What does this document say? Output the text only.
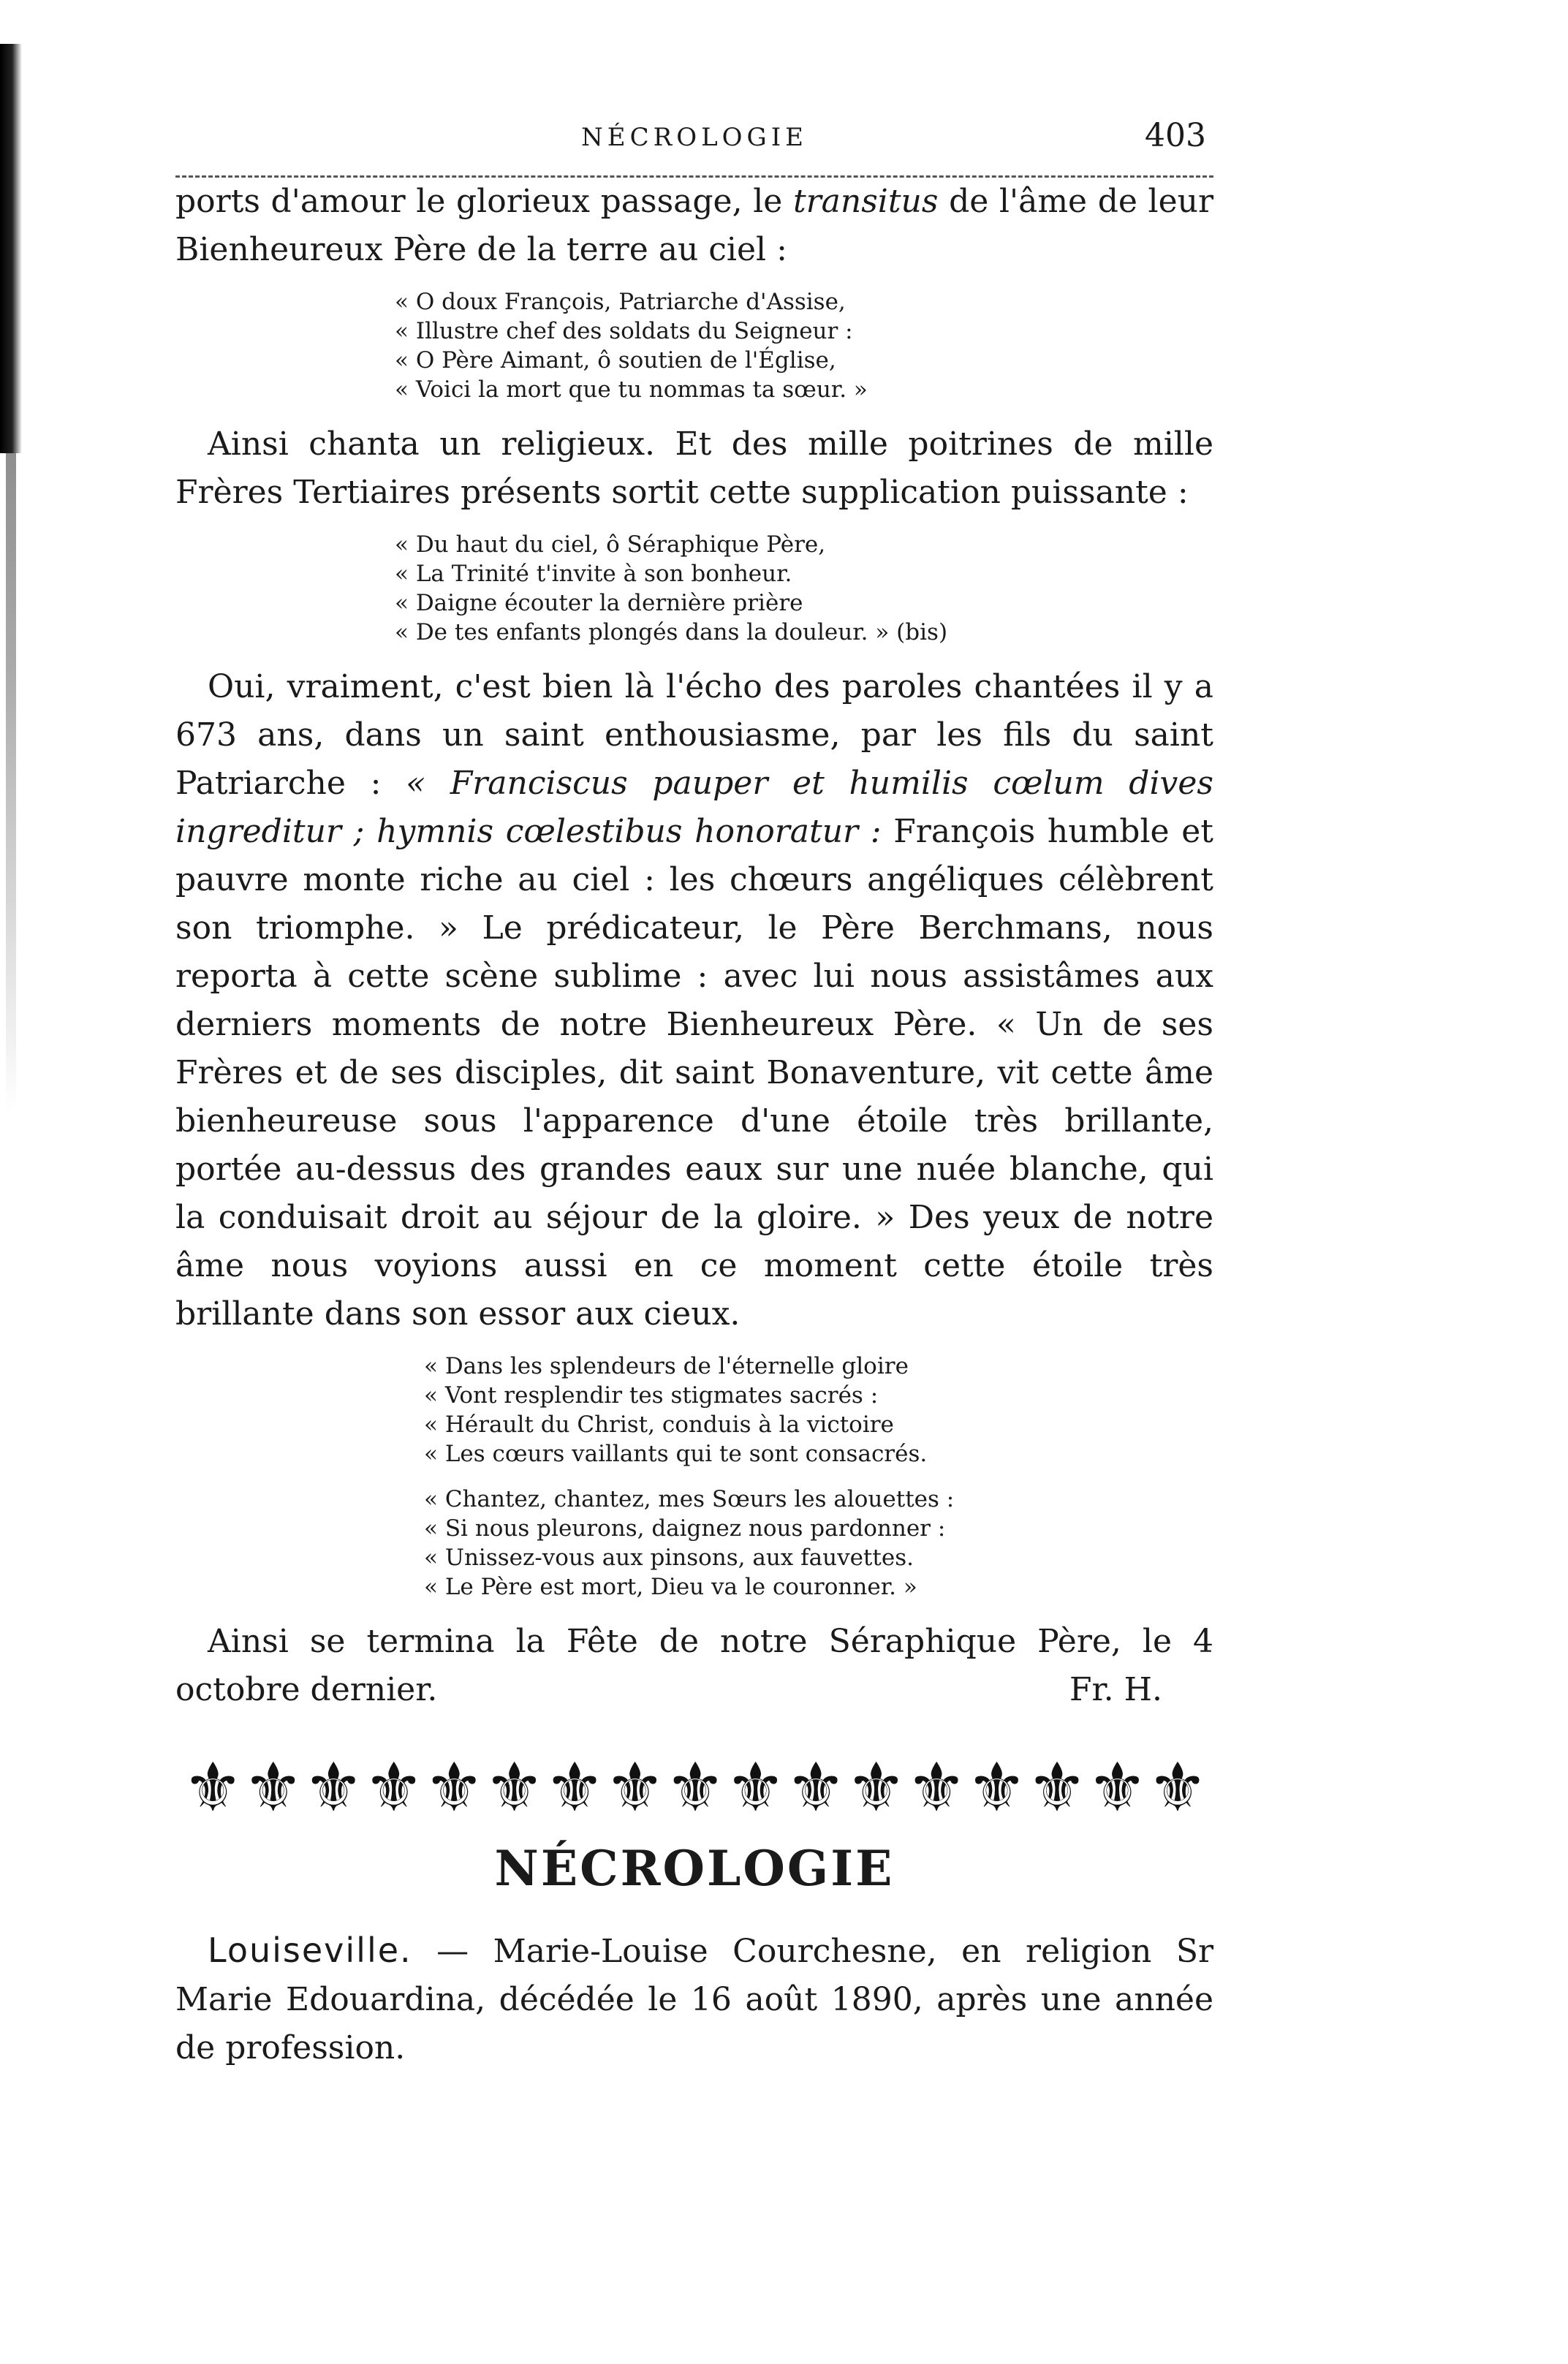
NÉCROLOGIE	403

ports d'amour le glorieux passage, le transitus de l'âme de leur Bienheureux Père de la terre au ciel :

« O doux François, Patriarche d'Assise,
« Illustre chef des soldats du Seigneur :
« O Père Aimant, ô soutien de l'Église,
« Voici la mort que tu nommas ta sœur. »

Ainsi chanta un religieux. Et des mille poitrines de mille Frères Tertiaires présents sortit cette supplication puissante :

« Du haut du ciel, ô Séraphique Père,
« La Trinité t'invite à son bonheur.
« Daigne écouter la dernière prière
« De tes enfants plongés dans la douleur. » (bis)

Oui, vraiment, c'est bien là l'écho des paroles chantées il y a 673 ans, dans un saint enthousiasme, par les fils du saint Patriarche : « Franciscus pauper et humilis cœlum dives ingreditur ; hymnis cœlestibus honoratur : François humble et pauvre monte riche au ciel : les chœurs angéliques célèbrent son triomphe. » Le prédicateur, le Père Berchmans, nous reporta à cette scène sublime : avec lui nous assistâmes aux derniers moments de notre Bienheureux Père. « Un de ses Frères et de ses disciples, dit saint Bonaventure, vit cette âme bienheureuse sous l'apparence d'une étoile très brillante, portée au-dessus des grandes eaux sur une nuée blanche, qui la conduisait droit au séjour de la gloire. » Des yeux de notre âme nous voyions aussi en ce moment cette étoile très brillante dans son essor aux cieux.

« Dans les splendeurs de l'éternelle gloire
« Vont resplendir tes stigmates sacrés :
« Hérault du Christ, conduis à la victoire
« Les cœurs vaillants qui te sont consacrés.
« Chantez, chantez, mes Sœurs les alouettes :
« Si nous pleurons, daignez nous pardonner :
« Unissez-vous aux pinsons, aux fauvettes.
« Le Père est mort, Dieu va le couronner. »

Ainsi se termina la Fête de notre Séraphique Père, le 4 octobre dernier.	Fr. H.

⚜ ⚜ ⚜ ⚜ ⚜ ⚜ ⚜ ⚜ ⚜ ⚜ ⚜ ⚜ ⚜ ⚜ ⚜ ⚜ ⚜
NÉCROLOGIE

Louiseville. — Marie-Louise Courchesne, en religion Sr Marie Edouardina, décédée le 16 août 1890, après une année de profession.
